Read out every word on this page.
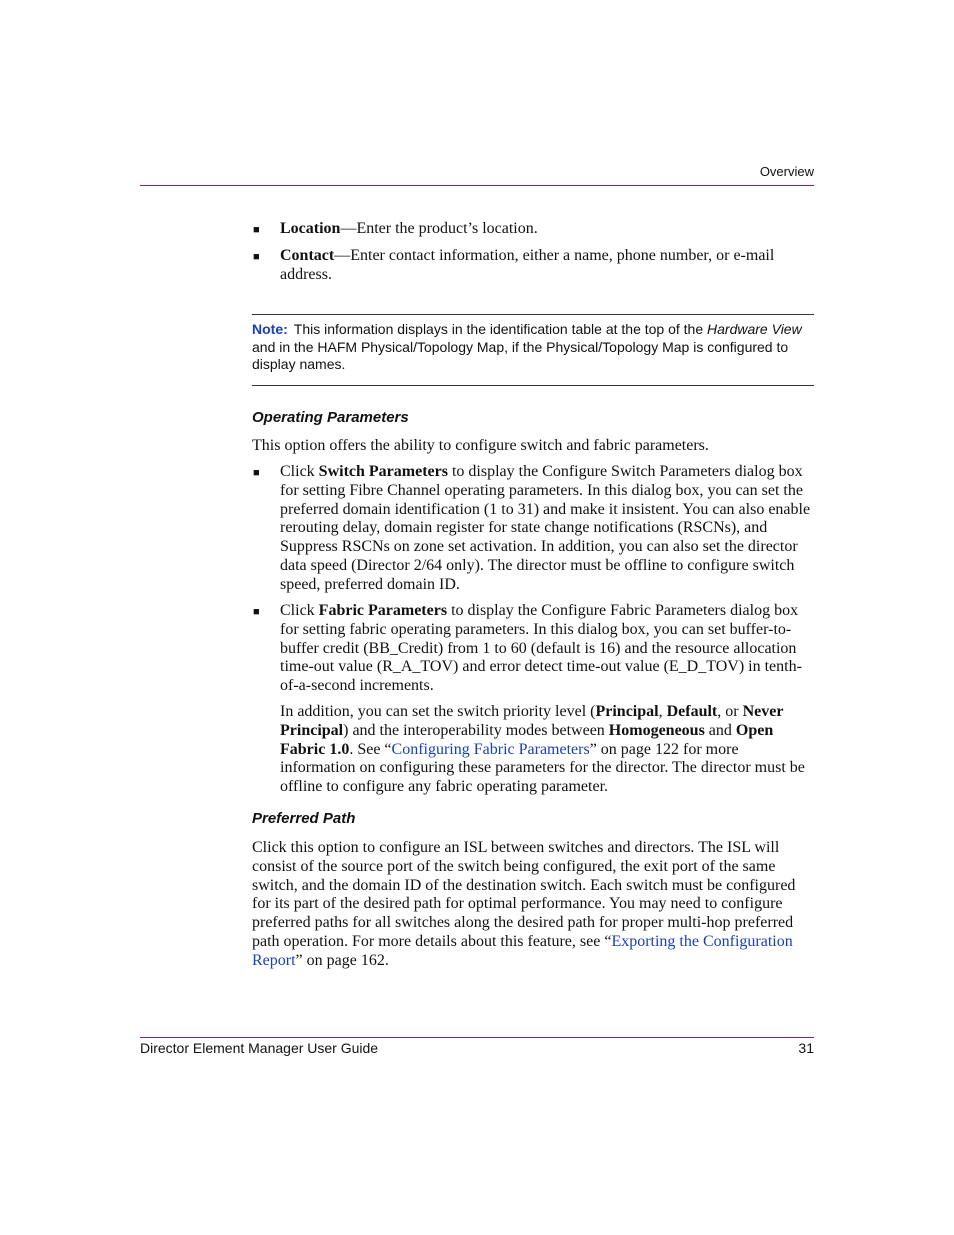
Overview
■ Location—Enter the product’s location.

■ Contact—Enter contact information, either a name, phone number, or e-mail address.

Note: This information displays in the identification table at the top of the Hardware View and in the HAFM Physical/Topology Map, if the Physical/Topology Map is configured to display names.
Operating Parameters

This option offers the ability to configure switch and fabric parameters.

■ Click Switch Parameters to display the Configure Switch Parameters dialog box for setting Fibre Channel operating parameters. In this dialog box, you can set the preferred domain identification (1 to 31) and make it insistent. You can also enable rerouting delay, domain register for state change notifications (RSCNs), and Suppress RSCNs on zone set activation. In addition, you can also set the director data speed (Director 2/64 only). The director must be offline to configure switch speed, preferred domain ID.

■ Click Fabric Parameters to display the Configure Fabric Parameters dialog box for setting fabric operating parameters. In this dialog box, you can set buffer-to-buffer credit (BB_Credit) from 1 to 60 (default is 16) and the resource allocation time-out value (R_A_TOV) and error detect time-out value (E_D_TOV) in tenth-of-a-second increments.

In addition, you can set the switch priority level (Principal, Default, or Never Principal) and the interoperability modes between Homogeneous and Open Fabric 1.0. See “Configuring Fabric Parameters” on page 122 for more information on configuring these parameters for the director. The director must be offline to configure any fabric operating parameter.

Preferred Path

Click this option to configure an ISL between switches and directors. The ISL will consist of the source port of the switch being configured, the exit port of the same switch, and the domain ID of the destination switch. Each switch must be configured for its part of the desired path for optimal performance. You may need to configure preferred paths for all switches along the desired path for proper multi-hop preferred path operation. For more details about this feature, see “Exporting the Configuration Report” on page 162.

Director Element Manager User Guide	31
